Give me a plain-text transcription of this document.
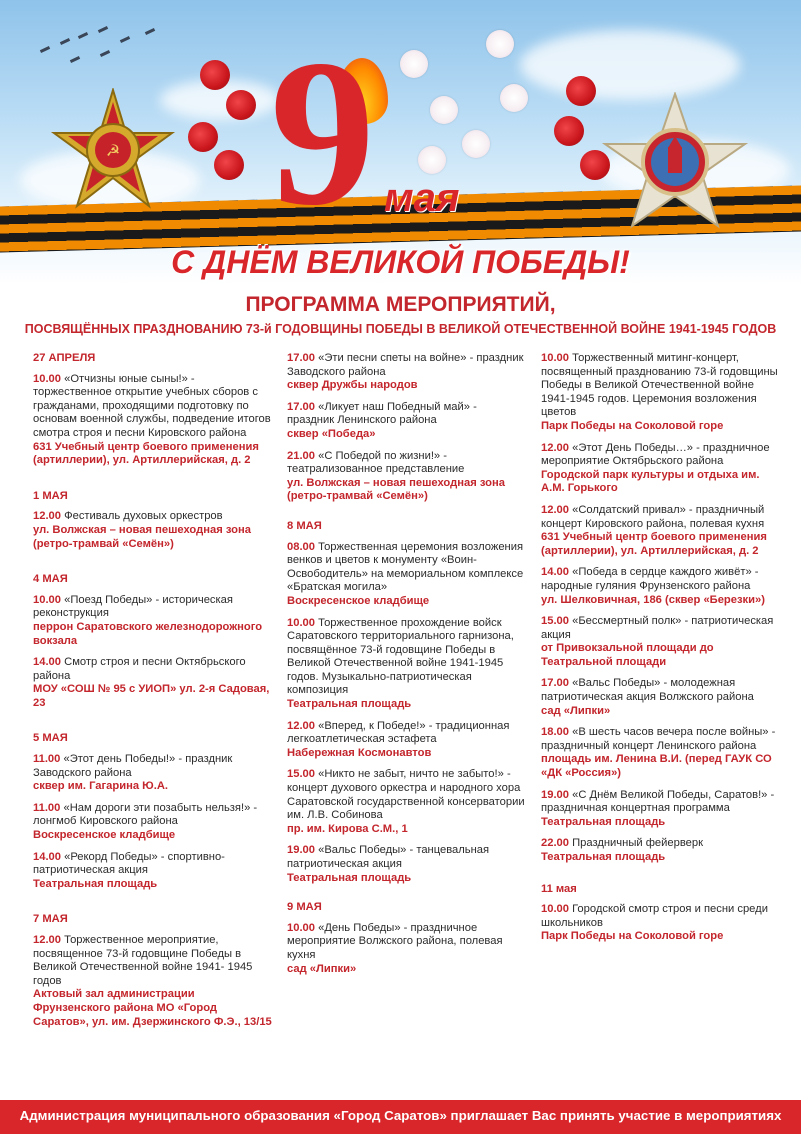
☭ 9 мая
С ДНЁМ ВЕЛИКОЙ ПОБЕДЫ!
ПРОГРАММА МЕРОПРИЯТИЙ,
ПОСВЯЩЁННЫХ ПРАЗДНОВАНИЮ 73-й ГОДОВЩИНЫ ПОБЕДЫ В ВЕЛИКОЙ ОТЕЧЕСТВЕННОЙ ВОЙНЕ 1941-1945 ГОДОВ
27 АПРЕЛЯ
10.00 «Отчизны юные сыны!» - торжественное открытие учебных сборов с гражданами, проходящими подготовку по основам военной службы, подведение итогов смотра строя и песни Кировского района
631 Учебный центр боевого применения (артиллерии), ул. Артиллерийская, д. 2
1 МАЯ
12.00 Фестиваль духовых оркестров
ул. Волжская – новая пешеходная зона (ретро-трамвай «Семён»)
4 МАЯ
10.00 «Поезд Победы» - историческая реконструкция
перрон Саратовского железнодорожного вокзала
14.00 Смотр строя и песни Октябрьского района
МОУ «СОШ № 95 с УИОП» ул. 2-я Садовая, 23
5 МАЯ
11.00 «Этот день Победы!» - праздник Заводского района
сквер им. Гагарина Ю.А.
11.00 «Нам дороги эти позабыть нельзя!» - лонгмоб Кировского района
Воскресенское кладбище
14.00 «Рекорд Победы» - спортивно-патриотическая акция
Театральная площадь
7 МАЯ
12.00 Торжественное мероприятие, посвященное 73-й годовщине Победы в Великой Отечественной войне 1941- 1945 годов
Актовый зал администрации Фрунзенского района МО «Город Саратов», ул. им. Дзержинского Ф.Э., 13/15
17.00 «Эти песни спеты на войне» - праздник Заводского района
сквер Дружбы народов
17.00 «Ликует наш Победный май» - праздник Ленинского района
сквер «Победа»
21.00 «С Победой по жизни!» - театрализованное представление
ул. Волжская – новая пешеходная зона (ретро-трамвай «Семён»)
8 МАЯ
08.00 Торжественная церемония возложения венков и цветов к монументу «Воин-Освободитель» на мемориальном комплексе «Братская могила»
Воскресенское кладбище
10.00 Торжественное прохождение войск Саратовского территориального гарнизона, посвящённое 73-й годовщине Победы в Великой Отечественной войне 1941-1945 годов. Музыкально-патриотическая композиция
Театральная площадь
12.00 «Вперед, к Победе!» - традиционная легкоатлетическая эстафета
Набережная Космонавтов
15.00 «Никто не забыт, ничто не забыто!» - концерт духового оркестра и народного хора Саратовской государственной консерватории им. Л.В. Собинова
пр. им. Кирова С.М., 1
19.00 «Вальс Победы» - танцевальная патриотическая акция
Театральная площадь
9 МАЯ
10.00 «День Победы» - праздничное мероприятие Волжского района, полевая кухня
сад «Липки»
10.00 Торжественный митинг-концерт, посвященный празднованию 73-й годовщины Победы в Великой Отечественной войне 1941-1945 годов. Церемония возложения цветов
Парк Победы на Соколовой горе
12.00 «Этот День Победы…» - праздничное мероприятие Октябрьского района
Городской парк культуры и отдыха им. А.М. Горького
12.00 «Солдатский привал» - праздничный концерт Кировского района, полевая кухня
631 Учебный центр боевого применения (артиллерии), ул. Артиллерийская, д. 2
14.00 «Победа в сердце каждого живёт» - народные гуляния Фрунзенского района
ул. Шелковичная, 186 (сквер «Березки»)
15.00 «Бессмертный полк» - патриотическая акция
от Привокзальной площади до Театральной площади
17.00 «Вальс Победы» - молодежная патриотическая акция Волжского района
сад «Липки»
18.00 «В шесть часов вечера после войны» - праздничный концерт Ленинского района
площадь им. Ленина В.И. (перед ГАУК СО «ДК «Россия»)
19.00 «С Днём Великой Победы, Саратов!» - праздничная концертная программа
Театральная площадь
22.00 Праздничный фейерверк
Театральная площадь
11 мая
10.00 Городской смотр строя и песни среди школьников
Парк Победы на Соколовой горе
Администрация муниципального образования «Город Саратов» приглашает Вас принять участие в мероприятиях
